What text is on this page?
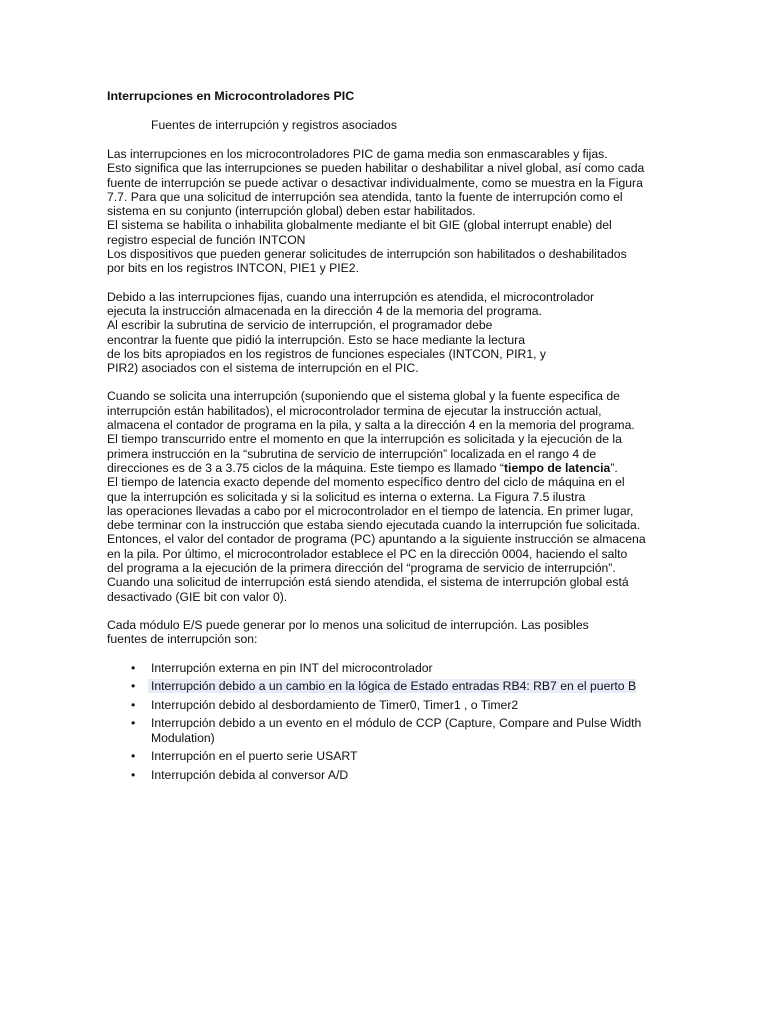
Interrupciones en Microcontroladores PIC

Fuentes de interrupción y registros asociados

Las interrupciones en los microcontroladores PIC de gama media son enmascarables y fijas.
Esto significa que las interrupciones se pueden habilitar o deshabilitar a nivel global, así como cada
fuente de interrupción se puede activar o desactivar individualmente, como se muestra en la Figura
7.7. Para que una solicitud de interrupción sea atendida, tanto la fuente de interrupción como el
sistema en su conjunto (interrupción global) deben estar habilitados.
El sistema se habilita o inhabilita globalmente mediante el bit GIE (global interrupt enable) del
registro especial de función INTCON
Los dispositivos que pueden generar solicitudes de interrupción son habilitados o deshabilitados
por bits en los registros INTCON, PIE1 y PIE2.

Debido a las interrupciones fijas, cuando una interrupción es atendida, el microcontrolador
ejecuta la instrucción almacenada en la dirección 4 de la memoria del programa.
Al escribir la subrutina de servicio de interrupción, el programador debe
encontrar la fuente que pidió la interrupción. Esto se hace mediante la lectura
de los bits apropiados en los registros de funciones especiales (INTCON, PIR1, y
PIR2) asociados con el sistema de interrupción en el PIC.

Cuando se solicita una interrupción (suponiendo que el sistema global y la fuente especifica de
interrupción están habilitados), el microcontrolador termina de ejecutar la instrucción actual,
almacena el contador de programa en la pila, y salta a la dirección 4 en la memoria del programa.
El tiempo transcurrido entre el momento en que la interrupción es solicitada y la ejecución de la
primera instrucción en la “subrutina de servicio de interrupción” localizada en el rango 4 de
direcciones es de 3 a 3.75 ciclos de la máquina. Este tiempo es llamado “tiempo de latencia”.
El tiempo de latencia exacto depende del momento específico dentro del ciclo de máquina en el
que la interrupción es solicitada y si la solicitud es interna o externa. La Figura 7.5 ilustra
las operaciones llevadas a cabo por el microcontrolador en el tiempo de latencia. En primer lugar,
debe terminar con la instrucción que estaba siendo ejecutada cuando la interrupción fue solicitada.
Entonces, el valor del contador de programa (PC) apuntando a la siguiente instrucción se almacena
en la pila. Por último, el microcontrolador establece el PC en la dirección 0004, haciendo el salto
del programa a la ejecución de la primera dirección del “programa de servicio de interrupción”.
Cuando una solicitud de interrupción está siendo atendida, el sistema de interrupción global está
desactivado (GIE bit con valor 0).

Cada módulo E/S puede generar por lo menos una solicitud de interrupción. Las posibles
fuentes de interrupción son:

• Interrupción externa en pin INT del microcontrolador
• Interrupción debido a un cambio en la lógica de Estado entradas RB4: RB7 en el puerto B
• Interrupción debido al desbordamiento de Timer0, Timer1 , o Timer2
• Interrupción debido a un evento en el módulo de CCP (Capture, Compare and Pulse Width
Modulation)
• Interrupción en el puerto serie USART
• Interrupción debida al conversor A/D
